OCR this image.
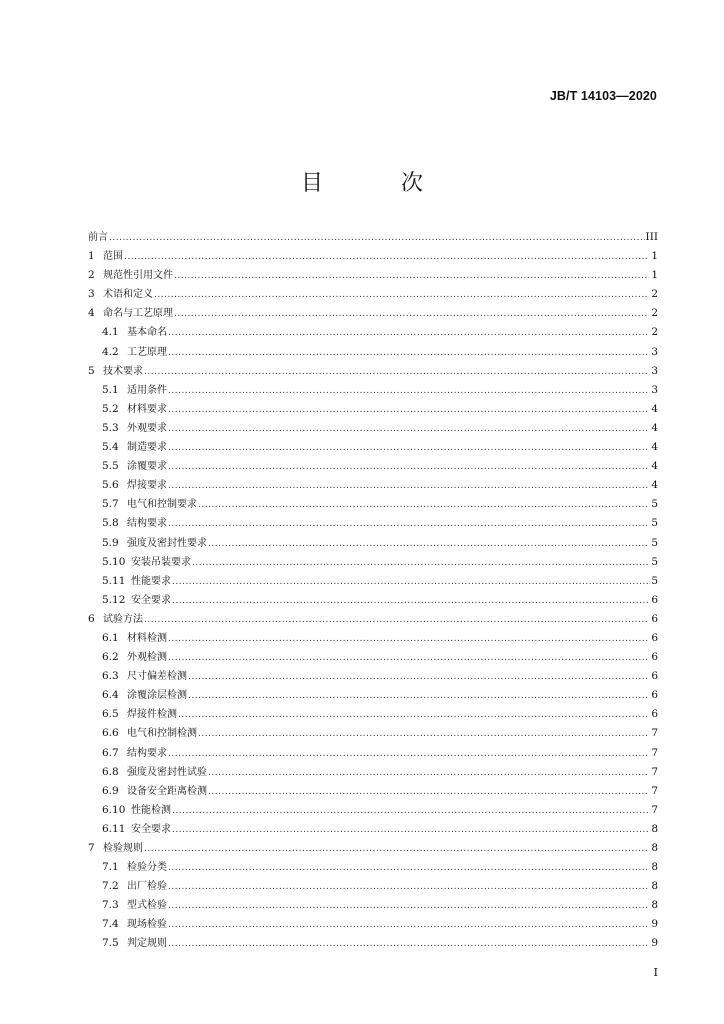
JB/T 14103—2020
目　次
前言 .....	III
1 范围 .....	1
2 规范性引用文件 .....	1
3 术语和定义 .....	2
4 命名与工艺原理 .....	2
4.1 基本命名 .....	2
4.2 工艺原理 .....	3
5 技术要求 .....	3
5.1 适用条件 .....	3
5.2 材料要求 .....	4
5.3 外观要求 .....	4
5.4 制造要求 .....	4
5.5 涂覆要求 .....	4
5.6 焊接要求 .....	4
5.7 电气和控制要求 .....	5
5.8 结构要求 .....	5
5.9 强度及密封性要求 .....	5
5.10 安装吊装要求 .....	5
5.11 性能要求 .....	5
5.12 安全要求 .....	6
6 试验方法 .....	6
6.1 材料检测 .....	6
6.2 外观检测 .....	6
6.3 尺寸偏差检测 .....	6
6.4 涂覆涂层检测 .....	6
6.5 焊接件检测 .....	6
6.6 电气和控制检测 .....	7
6.7 结构要求 .....	7
6.8 强度及密封性试验 .....	7
6.9 设备安全距离检测 .....	7
6.10 性能检测 .....	7
6.11 安全要求 .....	8
7 检验规则 .....	8
7.1 检验分类 .....	8
7.2 出厂检验 .....	8
7.3 型式检验 .....	8
7.4 现场检验 .....	9
7.5 判定规则 .....	9
I
